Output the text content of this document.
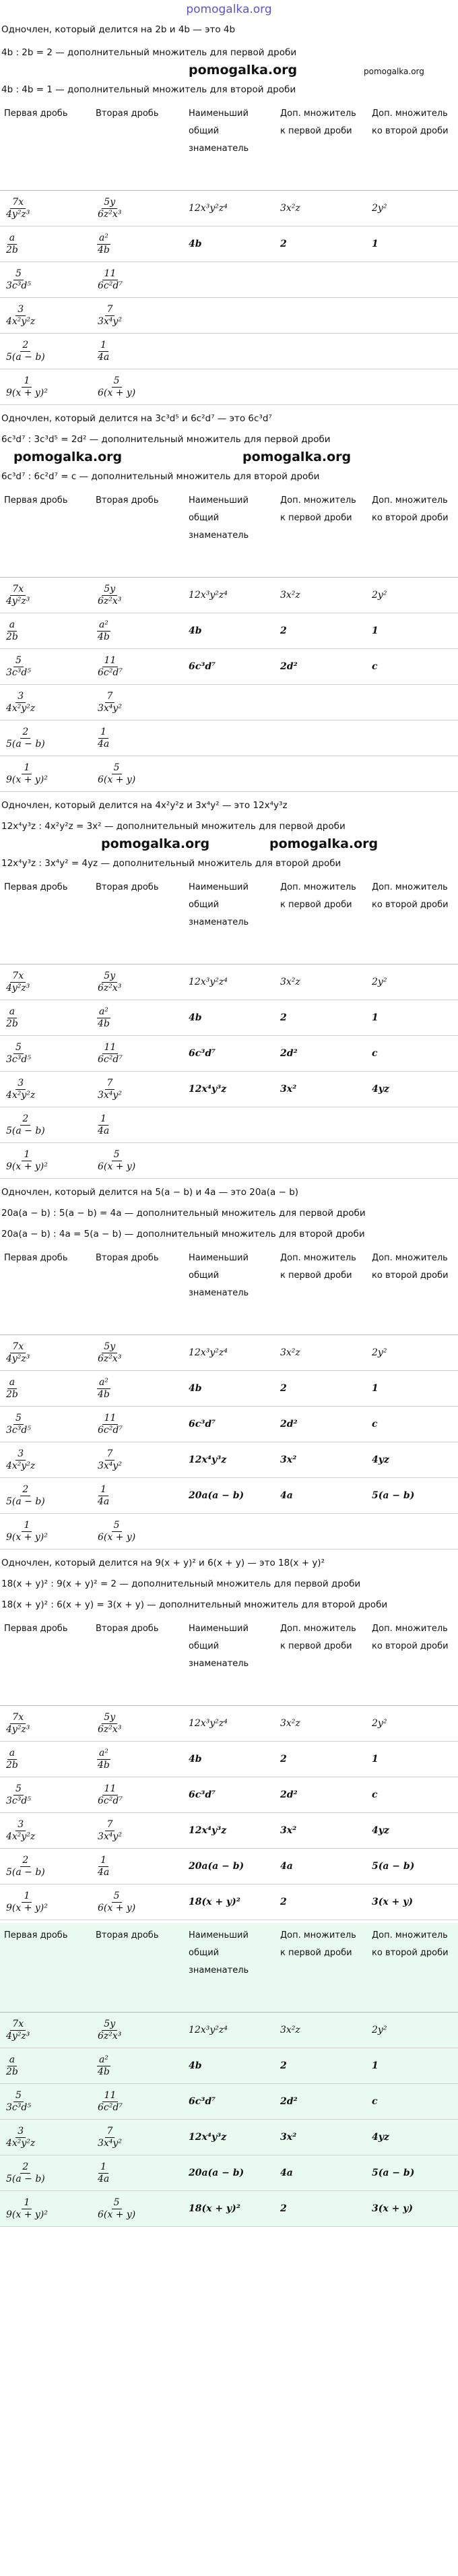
pomogalka.org
Одночлен, который делится на 2b и 4b — это 4b
4b : 2b = 2 — дополнительный множитель для первой дроби
pomogalka.org	pomogalka.org
4b : 4b = 1 — дополнительный множитель для второй дроби
Первая дробь	Вторая дробь	Наименьший общий знаменатель	Доп. множитель к первой дроби	Доп. множитель ко второй дроби

$\frac{7x}{\text{4y²z³}}$	$\frac{5y}{\text{6z²x³}}$	12x³y²z⁴	3x²z	2y²

$\frac{a}{2b}$	$\frac{\text{a²}}{4b}$	4b	2	1

$\frac{5}{\text{3c³d⁵}}$	$\frac{11}{\text{6c²d⁷}}$

$\frac{3}{\text{4x²y²z}}$	$\frac{7}{\text{3x⁴y²}}$

$\frac{2}{5(a - b)}$	$\frac{1}{4a}$

$\frac{1}{\text{9(x + y)²}}$	$\frac{5}{6(x + y)}$

Одночлен, который делится на 3c³d⁵ и 6c²d⁷ — это 6c³d⁷
6c³d⁷ : 3c³d⁵ = 2d² — дополнительный множитель для первой дроби
pomogalka.org	pomogalka.org
6c³d⁷ : 6c²d⁷ = c — дополнительный множитель для второй дроби
Первая дробь	Вторая дробь	Наименьший общий знаменатель	Доп. множитель к первой дроби	Доп. множитель ко второй дроби

$\frac{7x}{\text{4y²z³}}$	$\frac{5y}{\text{6z²x³}}$	12x³y²z⁴	3x²z	2y²

$\frac{a}{2b}$	$\frac{\text{a²}}{4b}$	4b	2	1

$\frac{5}{\text{3c³d⁵}}$	$\frac{11}{\text{6c²d⁷}}$	6c³d⁷	2d²	c

$\frac{3}{\text{4x²y²z}}$	$\frac{7}{\text{3x⁴y²}}$

$\frac{2}{5(a - b)}$	$\frac{1}{4a}$

$\frac{1}{\text{9(x + y)²}}$	$\frac{5}{6(x + y)}$

Одночлен, который делится на 4x²y²z и 3x⁴y² — это 12x⁴y³z
12x⁴y³z : 4x²y²z = 3x² — дополнительный множитель для первой дроби
pomogalka.org	pomogalka.org
12x⁴y³z : 3x⁴y² = 4yz — дополнительный множитель для второй дроби
Первая дробь	Вторая дробь	Наименьший общий знаменатель	Доп. множитель к первой дроби	Доп. множитель ко второй дроби

$\frac{7x}{\text{4y²z³}}$	$\frac{5y}{\text{6z²x³}}$	12x³y²z⁴	3x²z	2y²

$\frac{a}{2b}$	$\frac{\text{a²}}{4b}$	4b	2	1

$\frac{5}{\text{3c³d⁵}}$	$\frac{11}{\text{6c²d⁷}}$	6c³d⁷	2d²	c

$\frac{3}{\text{4x²y²z}}$	$\frac{7}{\text{3x⁴y²}}$	12x⁴y³z	3x²	4yz

$\frac{2}{5(a - b)}$	$\frac{1}{4a}$

$\frac{1}{\text{9(x + y)²}}$	$\frac{5}{6(x + y)}$

Одночлен, который делится на 5(a − b) и 4a — это 20a(a − b)
20a(a − b) : 5(a − b) = 4a — дополнительный множитель для первой дроби
20a(a − b) : 4a = 5(a − b) — дополнительный множитель для второй дроби
Первая дробь	Вторая дробь	Наименьший общий знаменатель	Доп. множитель к первой дроби	Доп. множитель ко второй дроби

$\frac{7x}{\text{4y²z³}}$	$\frac{5y}{\text{6z²x³}}$	12x³y²z⁴	3x²z	2y²

$\frac{a}{2b}$	$\frac{\text{a²}}{4b}$	4b	2	1

$\frac{5}{\text{3c³d⁵}}$	$\frac{11}{\text{6c²d⁷}}$	6c³d⁷	2d²	c

$\frac{3}{\text{4x²y²z}}$	$\frac{7}{\text{3x⁴y²}}$	12x⁴y³z	3x²	4yz

$\frac{2}{5(a - b)}$	$\frac{1}{4a}$	20a(a − b)	4a	5(a − b)

$\frac{1}{\text{9(x + y)²}}$	$\frac{5}{6(x + y)}$

Одночлен, который делится на 9(x + y)² и 6(x + y) — это 18(x + y)²
18(x + y)² : 9(x + y)² = 2 — дополнительный множитель для первой дроби
18(x + y)² : 6(x + y) = 3(x + y) — дополнительный множитель для второй дроби
Первая дробь	Вторая дробь	Наименьший общий знаменатель	Доп. множитель к первой дроби	Доп. множитель ко второй дроби

$\frac{7x}{\text{4y²z³}}$	$\frac{5y}{\text{6z²x³}}$	12x³y²z⁴	3x²z	2y²

$\frac{a}{2b}$	$\frac{\text{a²}}{4b}$	4b	2	1

$\frac{5}{\text{3c³d⁵}}$	$\frac{11}{\text{6c²d⁷}}$	6c³d⁷	2d²	c

$\frac{3}{\text{4x²y²z}}$	$\frac{7}{\text{3x⁴y²}}$	12x⁴y³z	3x²	4yz

$\frac{2}{5(a - b)}$	$\frac{1}{4a}$	20a(a − b)	4a	5(a − b)

$\frac{1}{\text{9(x + y)²}}$	$\frac{5}{6(x + y)}$	18(x + y)²	2	3(x + y)
Первая дробь	Вторая дробь	Наименьший общий знаменатель	Доп. множитель к первой дроби	Доп. множитель ко второй дроби

$\frac{7x}{\text{4y²z³}}$	$\frac{5y}{\text{6z²x³}}$	12x³y²z⁴	3x²z	2y²

$\frac{a}{2b}$	$\frac{\text{a²}}{4b}$	4b	2	1

$\frac{5}{\text{3c³d⁵}}$	$\frac{11}{\text{6c²d⁷}}$	6c³d⁷	2d²	c

$\frac{3}{\text{4x²y²z}}$	$\frac{7}{\text{3x⁴y²}}$	12x⁴y³z	3x²	4yz

$\frac{2}{5(a - b)}$	$\frac{1}{4a}$	20a(a − b)	4a	5(a − b)

$\frac{1}{\text{9(x + y)²}}$	$\frac{5}{6(x + y)}$	18(x + y)²	2	3(x + y)
